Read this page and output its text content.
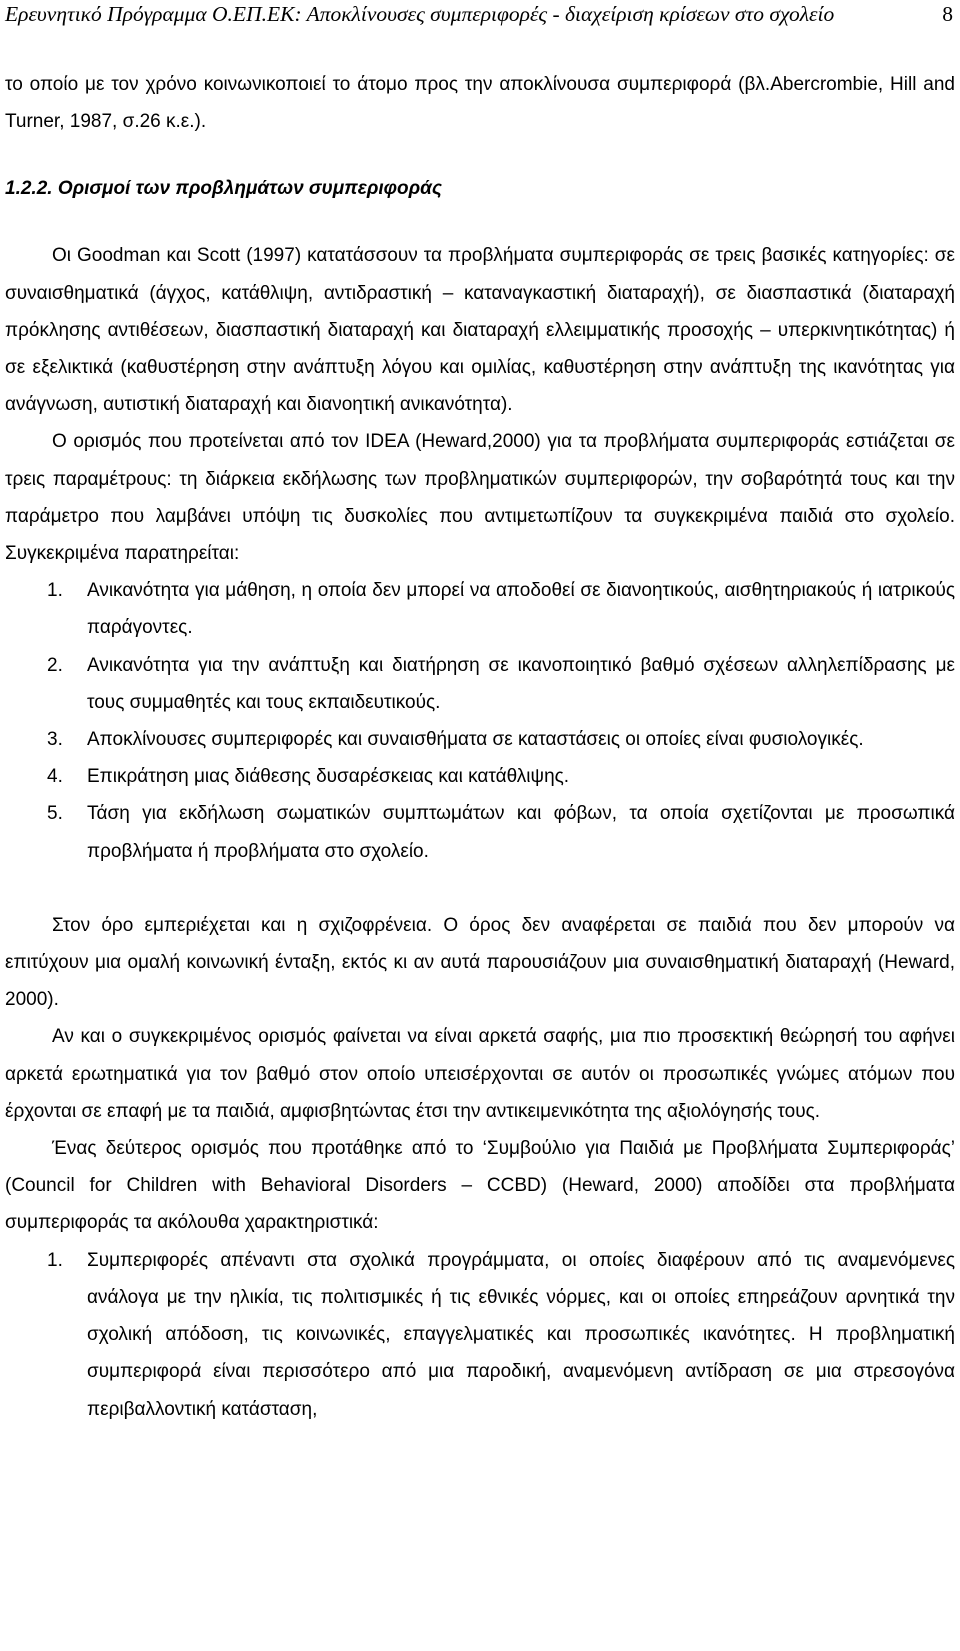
Ερευνητικό Πρόγραμμα Ο.ΕΠ.ΕΚ: Αποκλίνουσες συμπεριφορές - διαχείριση κρίσεων στο σχολείο	8

το οποίο με τον χρόνο κοινωνικοποιεί το άτομο προς την αποκλίνουσα συμπεριφορά (βλ.Abercrombie, Hill and Turner, 1987, σ.26 κ.ε.).

1.2.2. Ορισμοί των προβλημάτων συμπεριφοράς

Οι Goodman και Scott (1997) κατατάσσουν τα προβλήματα συμπεριφοράς σε τρεις βασικές κατηγορίες: σε συναισθηματικά (άγχος, κατάθλιψη, αντιδραστική – καταναγκαστική διαταραχή), σε διασπαστικά (διαταραχή πρόκλησης αντιθέσεων, διασπαστική διαταραχή και διαταραχή ελλειμματικής προσοχής – υπερκινητικότητας) ή σε εξελικτικά (καθυστέρηση στην ανάπτυξη λόγου και ομιλίας, καθυστέρηση στην ανάπτυξη της ικανότητας για ανάγνωση, αυτιστική διαταραχή και διανοητική ανικανότητα).

Ο ορισμός που προτείνεται από τον IDEA (Heward,2000) για τα προβλήματα συμπεριφοράς εστιάζεται σε τρεις παραμέτρους: τη διάρκεια εκδήλωσης των προβληματικών συμπεριφορών, την σοβαρότητά τους και την παράμετρο που λαμβάνει υπόψη τις δυσκολίες που αντιμετωπίζουν τα συγκεκριμένα παιδιά στο σχολείο. Συγκεκριμένα παρατηρείται:

1.	Ανικανότητα για μάθηση, η οποία δεν μπορεί να αποδοθεί σε διανοητικούς, αισθητηριακούς ή ιατρικούς παράγοντες.
2.	Ανικανότητα για την ανάπτυξη και διατήρηση σε ικανοποιητικό βαθμό σχέσεων αλληλεπίδρασης με τους συμμαθητές και τους εκπαιδευτικούς.
3.	Αποκλίνουσες συμπεριφορές και συναισθήματα σε καταστάσεις οι οποίες είναι φυσιολογικές.
4.	Επικράτηση μιας διάθεσης δυσαρέσκειας και κατάθλιψης.
5.	Τάση για εκδήλωση σωματικών συμπτωμάτων και φόβων, τα οποία σχετίζονται με προσωπικά προβλήματα ή προβλήματα στο σχολείο.

Στον όρο εμπεριέχεται και η σχιζοφρένεια. Ο όρος δεν αναφέρεται σε παιδιά που δεν μπορούν να επιτύχουν μια ομαλή κοινωνική ένταξη, εκτός κι αν αυτά παρουσιάζουν μια συναισθηματική διαταραχή (Heward, 2000).

Αν και ο συγκεκριμένος ορισμός φαίνεται να είναι αρκετά σαφής, μια πιο προσεκτική θεώρησή του αφήνει αρκετά ερωτηματικά για τον βαθμό στον οποίο υπεισέρχονται σε αυτόν οι προσωπικές γνώμες ατόμων που έρχονται σε επαφή με τα παιδιά, αμφισβητώντας έτσι την αντικειμενικότητα της αξιολόγησής τους.

Ένας δεύτερος ορισμός που προτάθηκε από το ‘Συμβούλιο για Παιδιά με Προβλήματα Συμπεριφοράς’ (Council for Children with Behavioral Disorders – CCBD) (Heward, 2000) αποδίδει στα προβλήματα συμπεριφοράς τα ακόλουθα χαρακτηριστικά:

1.	Συμπεριφορές απέναντι στα σχολικά προγράμματα, οι οποίες διαφέρουν από τις αναμενόμενες ανάλογα με την ηλικία, τις πολιτισμικές ή τις εθνικές νόρμες, και οι οποίες επηρεάζουν αρνητικά την σχολική απόδοση, τις κοινωνικές, επαγγελματικές και προσωπικές ικανότητες. Η προβληματική συμπεριφορά είναι περισσότερο από μια παροδική, αναμενόμενη αντίδραση σε μια στρεσογόνα περιβαλλοντική κατάσταση,
